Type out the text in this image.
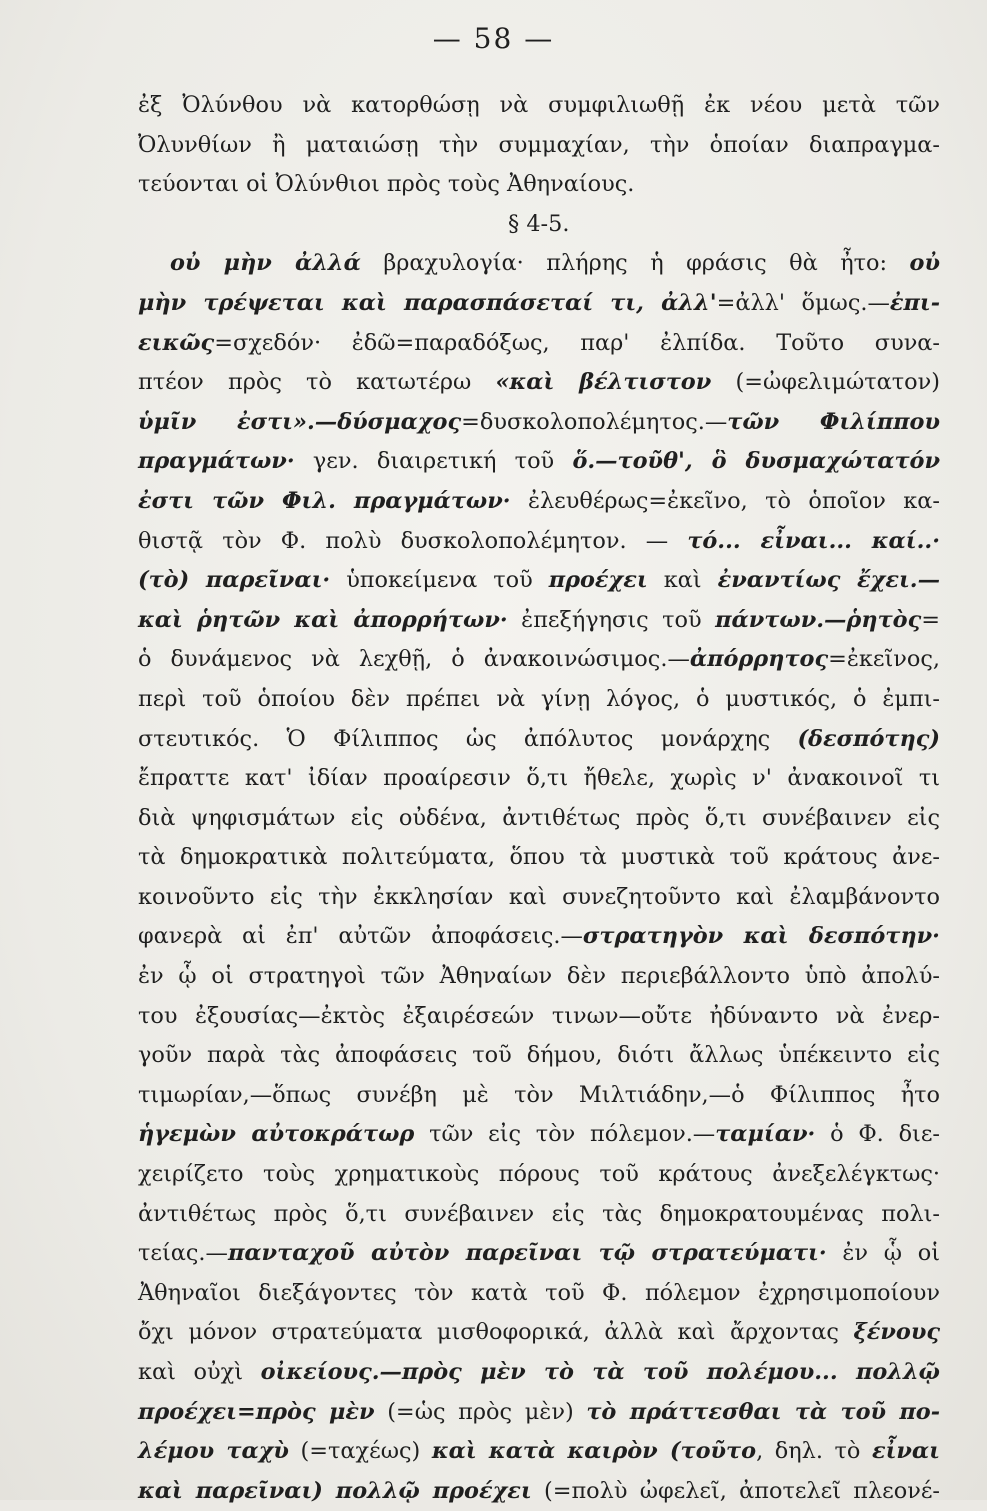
— 58 —
ἐξ Ὀλύνθου νὰ κατορθώσῃ νὰ συμφιλιωθῇ ἐκ νέου μετὰ τῶν
Ὀλυνθίων ἢ ματαιώσῃ τὴν συμμαχίαν, τὴν ὁποίαν διαπραγμα-
τεύονται οἱ Ὀλύνθιοι πρὸς τοὺς Ἀθηναίους.
§ 4-5.
οὐ μὴν ἀλλά βραχυλογία· πλήρης ἡ φράσις θὰ ἦτο: οὐ
μὴν τρέψεται καὶ παρασπάσεταί τι, ἀλλ'=ἀλλ' ὅμως.—ἐπι-
εικῶς=σχεδόν· ἐδῶ=παραδόξως, παρ' ἐλπίδα. Τοῦτο συνα-
πτέον πρὸς τὸ κατωτέρω «καὶ βέλτιστον (=ὠφελιμώτατον)
ὑμῖν ἐστι».—δύσμαχος=δυσκολοπολέμητος.—τῶν Φιλίππου
πραγμάτων· γεν. διαιρετική τοῦ ὅ.—τοῦθ', ὃ δυσμαχώτατόν
ἐστι τῶν Φιλ. πραγμάτων· ἐλευθέρως=ἐκεῖνο, τὸ ὁποῖον κα-
θιστᾷ τὸν Φ. πολὺ δυσκολοπολέμητον. — τό... εἶναι... καί..·
(τὸ) παρεῖναι· ὑποκείμενα τοῦ προέχει καὶ ἐναντίως ἔχει.—
καὶ ῥητῶν καὶ ἀπορρήτων· ἐπεξήγησις τοῦ πάντων.—ῥητὸς=
ὁ δυνάμενος νὰ λεχθῇ, ὁ ἀνακοινώσιμος.—ἀπόρρητος=ἐκεῖνος,
περὶ τοῦ ὁποίου δὲν πρέπει νὰ γίνῃ λόγος, ὁ μυστικός, ὁ ἐμπι-
στευτικός. Ὁ Φίλιππος ὡς ἀπόλυτος μονάρχης (δεσπότης)
ἔπραττε κατ' ἰδίαν προαίρεσιν ὅ,τι ἤθελε, χωρὶς ν' ἀνακοινοῖ τι
διὰ ψηφισμάτων εἰς οὐδένα, ἀντιθέτως πρὸς ὅ,τι συνέβαινεν εἰς
τὰ δημοκρατικὰ πολιτεύματα, ὅπου τὰ μυστικὰ τοῦ κράτους ἀνε-
κοινοῦντο εἰς τὴν ἐκκλησίαν καὶ συνεζητοῦντο καὶ ἐλαμβάνοντο
φανερὰ αἱ ἐπ' αὐτῶν ἀποφάσεις.—στρατηγὸν καὶ δεσπότην·
ἐν ᾧ οἱ στρατηγοὶ τῶν Ἀθηναίων δὲν περιεβάλλοντο ὑπὸ ἀπολύ-
του ἐξουσίας—ἐκτὸς ἐξαιρέσεών τινων—οὔτε ἠδύναντο νὰ ἐνερ-
γοῦν παρὰ τὰς ἀποφάσεις τοῦ δήμου, διότι ἄλλως ὑπέκειντο εἰς
τιμωρίαν,—ὅπως συνέβη μὲ τὸν Μιλτιάδην,—ὁ Φίλιππος ἦτο
ἡγεμὼν αὐτοκράτωρ τῶν εἰς τὸν πόλεμον.—ταμίαν· ὁ Φ. διε-
χειρίζετο τοὺς χρηματικοὺς πόρους τοῦ κράτους ἀνεξελέγκτως·
ἀντιθέτως πρὸς ὅ,τι συνέβαινεν εἰς τὰς δημοκρατουμένας πολι-
τείας.—πανταχοῦ αὐτὸν παρεῖναι τῷ στρατεύματι· ἐν ᾧ οἱ
Ἀθηναῖοι διεξάγοντες τὸν κατὰ τοῦ Φ. πόλεμον ἐχρησιμοποίουν
ὄχι μόνον στρατεύματα μισθοφορικά, ἀλλὰ καὶ ἄρχοντας ξένους
καὶ οὐχὶ οἰκείους.—πρὸς μὲν τὸ τὰ τοῦ πολέμου... πολλῷ
προέχει=πρὸς μὲν (=ὡς πρὸς μὲν) τὸ πράττεσθαι τὰ τοῦ πο-
λέμου ταχὺ (=ταχέως) καὶ κατὰ καιρὸν (τοῦτο, δηλ. τὸ εἶναι
καὶ παρεῖναι) πολλῷ προέχει (=πολὺ ὠφελεῖ, ἀποτελεῖ πλεονέ-
